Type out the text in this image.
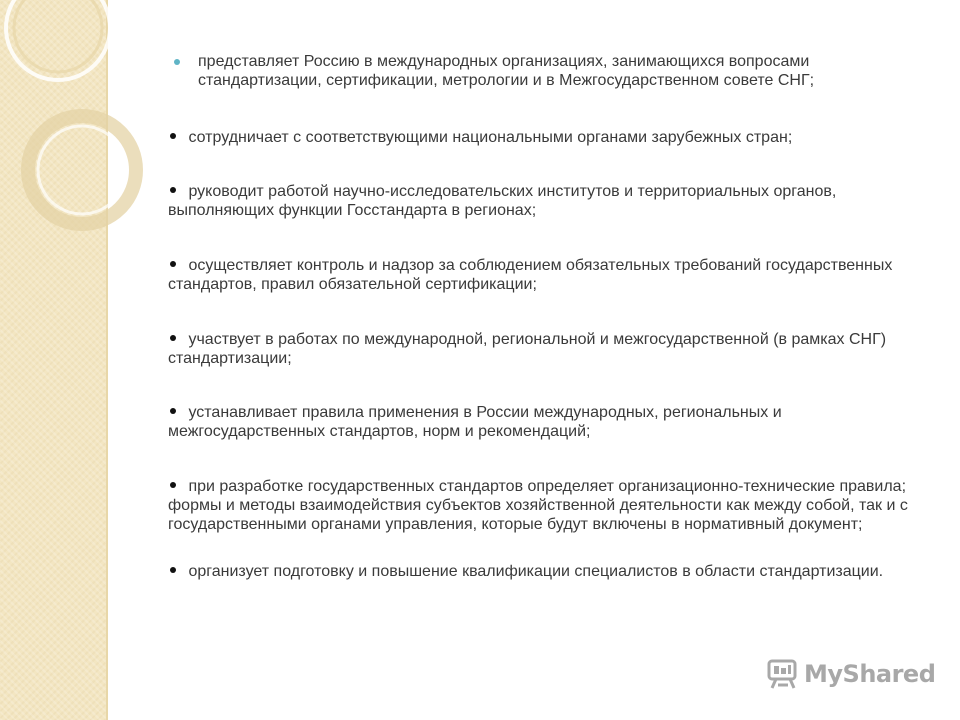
представляет Россию в международных организациях, занимающихся вопросами стандартизации, сертификации, метрологии и в Межгосударственном совете СНГ;
сотрудничает с соответствующими национальными органами зарубежных стран;
руководит работой научно-исследовательских институтов и территориальных органов, выполняющих функции Госстандарта в регионах;
осуществляет контроль и надзор за соблюдением обязательных требований государственных стандартов, правил обязательной сертификации;
участвует в работах по международной, региональной и межгосударственной (в рамках СНГ) стандартизации;
устанавливает правила применения в России международных, региональных и межгосударственных стандартов, норм и рекомендаций;
при разработке государственных стандартов определяет организационно-технические правила; формы и методы взаимодействия субъектов хозяйственной деятельности как между собой, так и с государственными органами управления, которые будут включены в нормативный документ;
организует подготовку и повышение квалификации специалистов в области стандартизации.
MyShared
